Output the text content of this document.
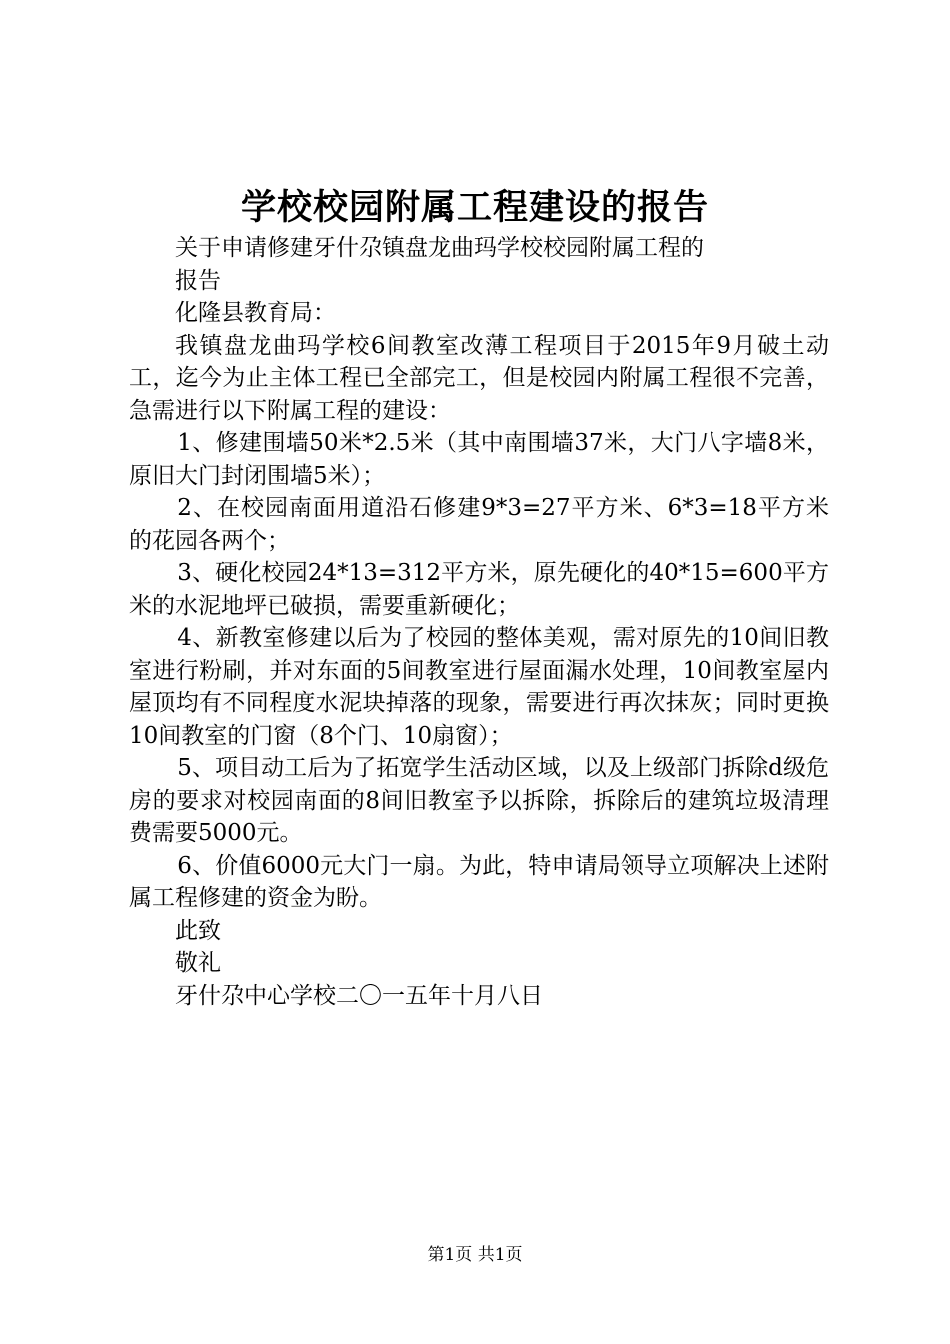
学校校园附属工程建设的报告
关于申请修建牙什尕镇盘龙曲玛学校校园附属工程的
报告
化隆县教育局：
我镇盘龙曲玛学校6间教室改薄工程项目于2015年9月破土动工，迄今为止主体工程已全部完工，但是校园内附属工程很不完善，急需进行以下附属工程的建设：
1、修建围墙50米*2.5米（其中南围墙37米，大门八字墙8米，原旧大门封闭围墙5米）；
2、在校园南面用道沿石修建9*3=27平方米、6*3=18平方米的花园各两个；
3、硬化校园24*13=312平方米，原先硬化的40*15=600平方米的水泥地坪已破损，需要重新硬化；
4、新教室修建以后为了校园的整体美观，需对原先的10间旧教室进行粉刷，并对东面的5间教室进行屋面漏水处理，10间教室屋内屋顶均有不同程度水泥块掉落的现象，需要进行再次抹灰；同时更换10间教室的门窗（8个门、10扇窗）；
5、项目动工后为了拓宽学生活动区域，以及上级部门拆除d级危房的要求对校园南面的8间旧教室予以拆除，拆除后的建筑垃圾清理费需要5000元。
6、价值6000元大门一扇。为此，特申请局领导立项解决上述附属工程修建的资金为盼。
此致
敬礼
牙什尕中心学校二〇一五年十月八日
第1页 共1页
